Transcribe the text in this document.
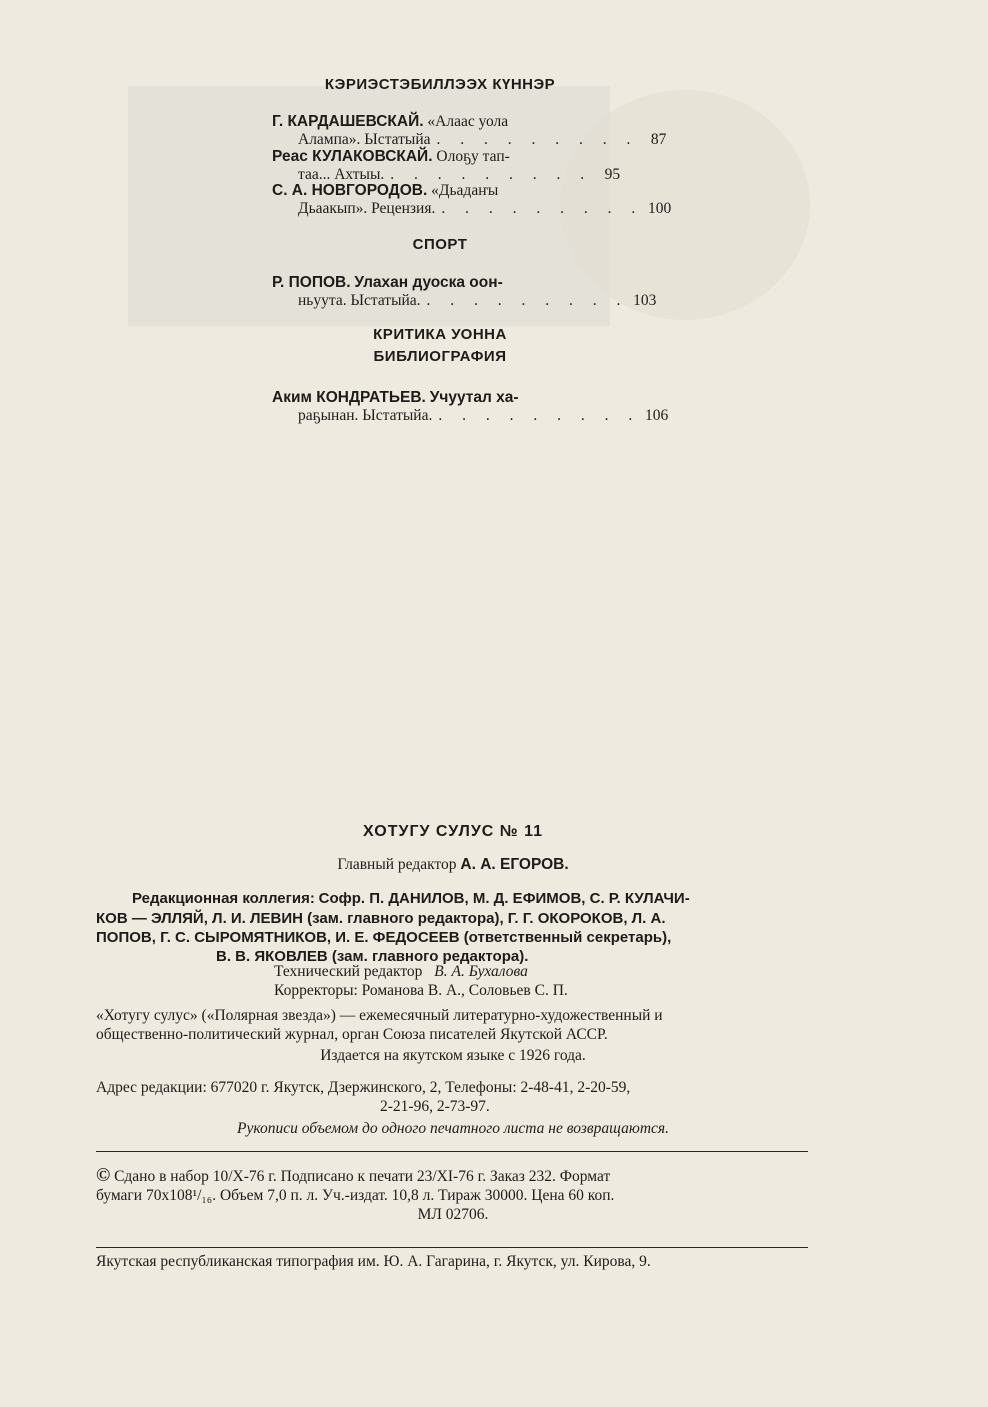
КЭРИЭСТЭБИЛЛЭЭХ КҮННЭР
Г. КАРДАШЕВСКАЙ. «Алаас уола
Алампа». Ыстатыйа . . . . . . . . . 87
Реас КУЛАКОВСКАЙ. Олоҕу тап-
таа... Ахтыы. . . . . . . . . . 95
С. А. НОВГОРОДОВ. «Дьадаҥы
Дьаакып». Рецензия. . . . . . . . . . 100
СПОРТ
Р. ПОПОВ. Улахан дуоска оон-
ньуута. Ыстатыйа. . . . . . . . . . 103
КРИТИКА УОННА
БИБЛИОГРАФИЯ
Аким КОНДРАТЬЕВ. Учуутал ха-
раҕынан. Ыстатыйа. . . . . . . . . . 106
ХОТУГУ СУЛУС № 11
Главный редактор А. А. ЕГОРОВ.
Редакционная коллегия: Софр. П. ДАНИЛОВ, М. Д. ЕФИМОВ, С. Р. КУЛАЧИ-
КОВ — ЭЛЛЯЙ, Л. И. ЛЕВИН (зам. главного редактора), Г. Г. ОКОРОКОВ, Л. А.
ПОПОВ, Г. С. СЫРОМЯТНИКОВ, И. Е. ФЕДОСЕЕВ (ответственный секретарь),
В. В. ЯКОВЛЕВ (зам. главного редактора).
Технический редактор В. А. Бухалова
Корректоры: Романова В. А., Соловьев С. П.
«Хотугу сулус» («Полярная звезда») — ежемесячный литературно-художественный и
общественно-политический журнал, орган Союза писателей Якутской АССР.
Издается на якутском языке с 1926 года.
Адрес редакции: 677020 г. Якутск, Дзержинского, 2, Телефоны: 2-48-41, 2-20-59,
2-21-96, 2-73-97.
Рукописи объемом до одного печатного листа не возвращаются.
© Сдано в набор 10/X-76 г. Подписано к печати 23/XI-76 г. Заказ 232. Формат
бумаги 70х108¹/₁₆. Объем 7,0 п. л. Уч.-издат. 10,8 л. Тираж 30000. Цена 60 коп.
МЛ 02706.
Якутская республиканская типография им. Ю. А. Гагарина, г. Якутск, ул. Кирова, 9.
